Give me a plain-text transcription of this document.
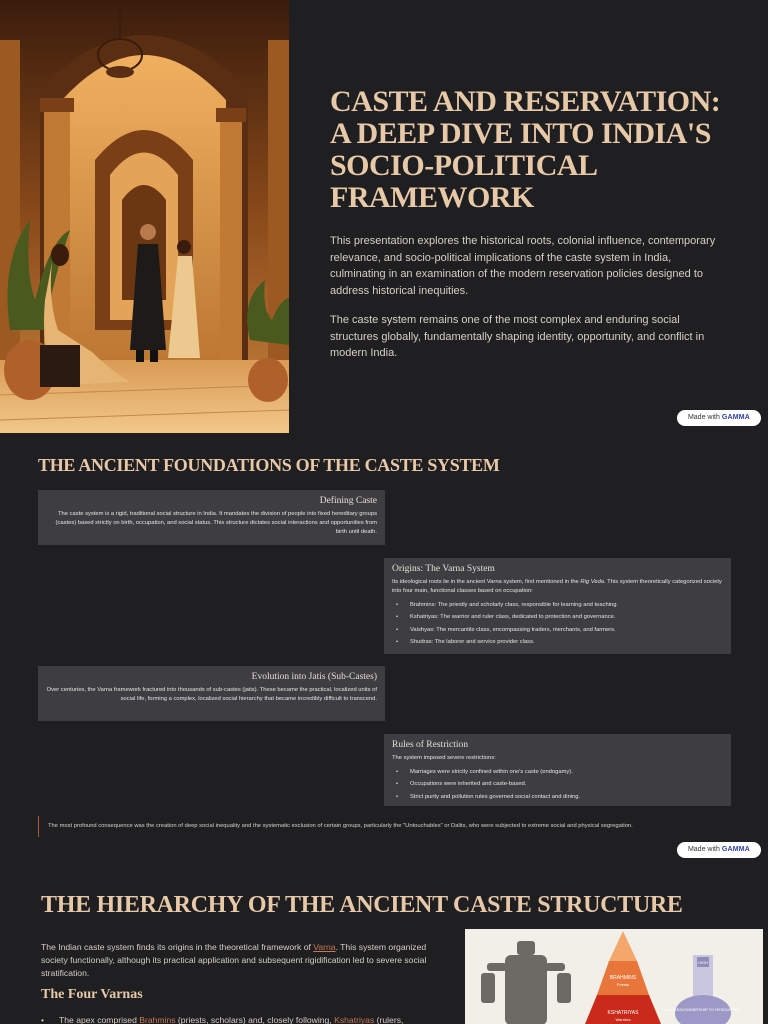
CASTE AND RESERVATION: A DEEP DIVE INTO INDIA'S SOCIO-POLITICAL FRAMEWORK

This presentation explores the historical roots, colonial influence, contemporary relevance, and socio-political implications of the caste system in India, culminating in an examination of the modern reservation policies designed to address historical inequities.

The caste system remains one of the most complex and enduring social structures globally, fundamentally shaping identity, opportunity, and conflict in modern India.

Made with GAMMA
THE ANCIENT FOUNDATIONS OF THE CASTE SYSTEM
Defining Caste

The caste system is a rigid, traditional social structure in India. It mandates the division of people into fixed hereditary groups (castes) based strictly on birth, occupation, and social status. This structure dictates social interactions and opportunities from birth until death.

Origins: The Varna System

Its ideological roots lie in the ancient Varna system, first mentioned in the Rig Veda. This system theoretically categorized society into four main, functional classes based on occupation:

• Brahmins: The priestly and scholarly class, responsible for learning and teaching.
• Kshatriyas: The warrior and ruler class, dedicated to protection and governance.
• Vaishyas: The mercantile class, encompassing traders, merchants, and farmers.
• Shudras: The laborer and service provider class.
Evolution into Jatis (Sub-Castes)

Over centuries, the Varna framework fractured into thousands of sub-castes (jatis). These became the practical, localized units of social life, forming a complex, localized social hierarchy that became incredibly difficult to transcend.

Rules of Restriction

The system imposed severe restrictions:

• Marriages were strictly confined within one's caste (endogamy).
• Occupations were inherited and caste-based.
• Strict purity and pollution rules governed social contact and dining.
The most profound consequence was the creation of deep social inequality and the systematic exclusion of certain groups, particularly the "Untouchables" or Dalits, who were subjected to extreme social and physical segregation.
Made with GAMMA
THE HIERARCHY OF THE ANCIENT CASTE STRUCTURE

The Indian caste system finds its origins in the theoretical framework of Varna. This system organized society functionally, although its practical application and subsequent rigidification led to severe social stratification.

The Four Varnas
• The apex comprised Brahmins (priests, scholars) and, closely following, Kshatriyas (rulers,
BRAHMINS
Priests
KSHATRIYAS
Warriors
HIGH
ACCESS/OWNERSHIP TO RESOURCES
